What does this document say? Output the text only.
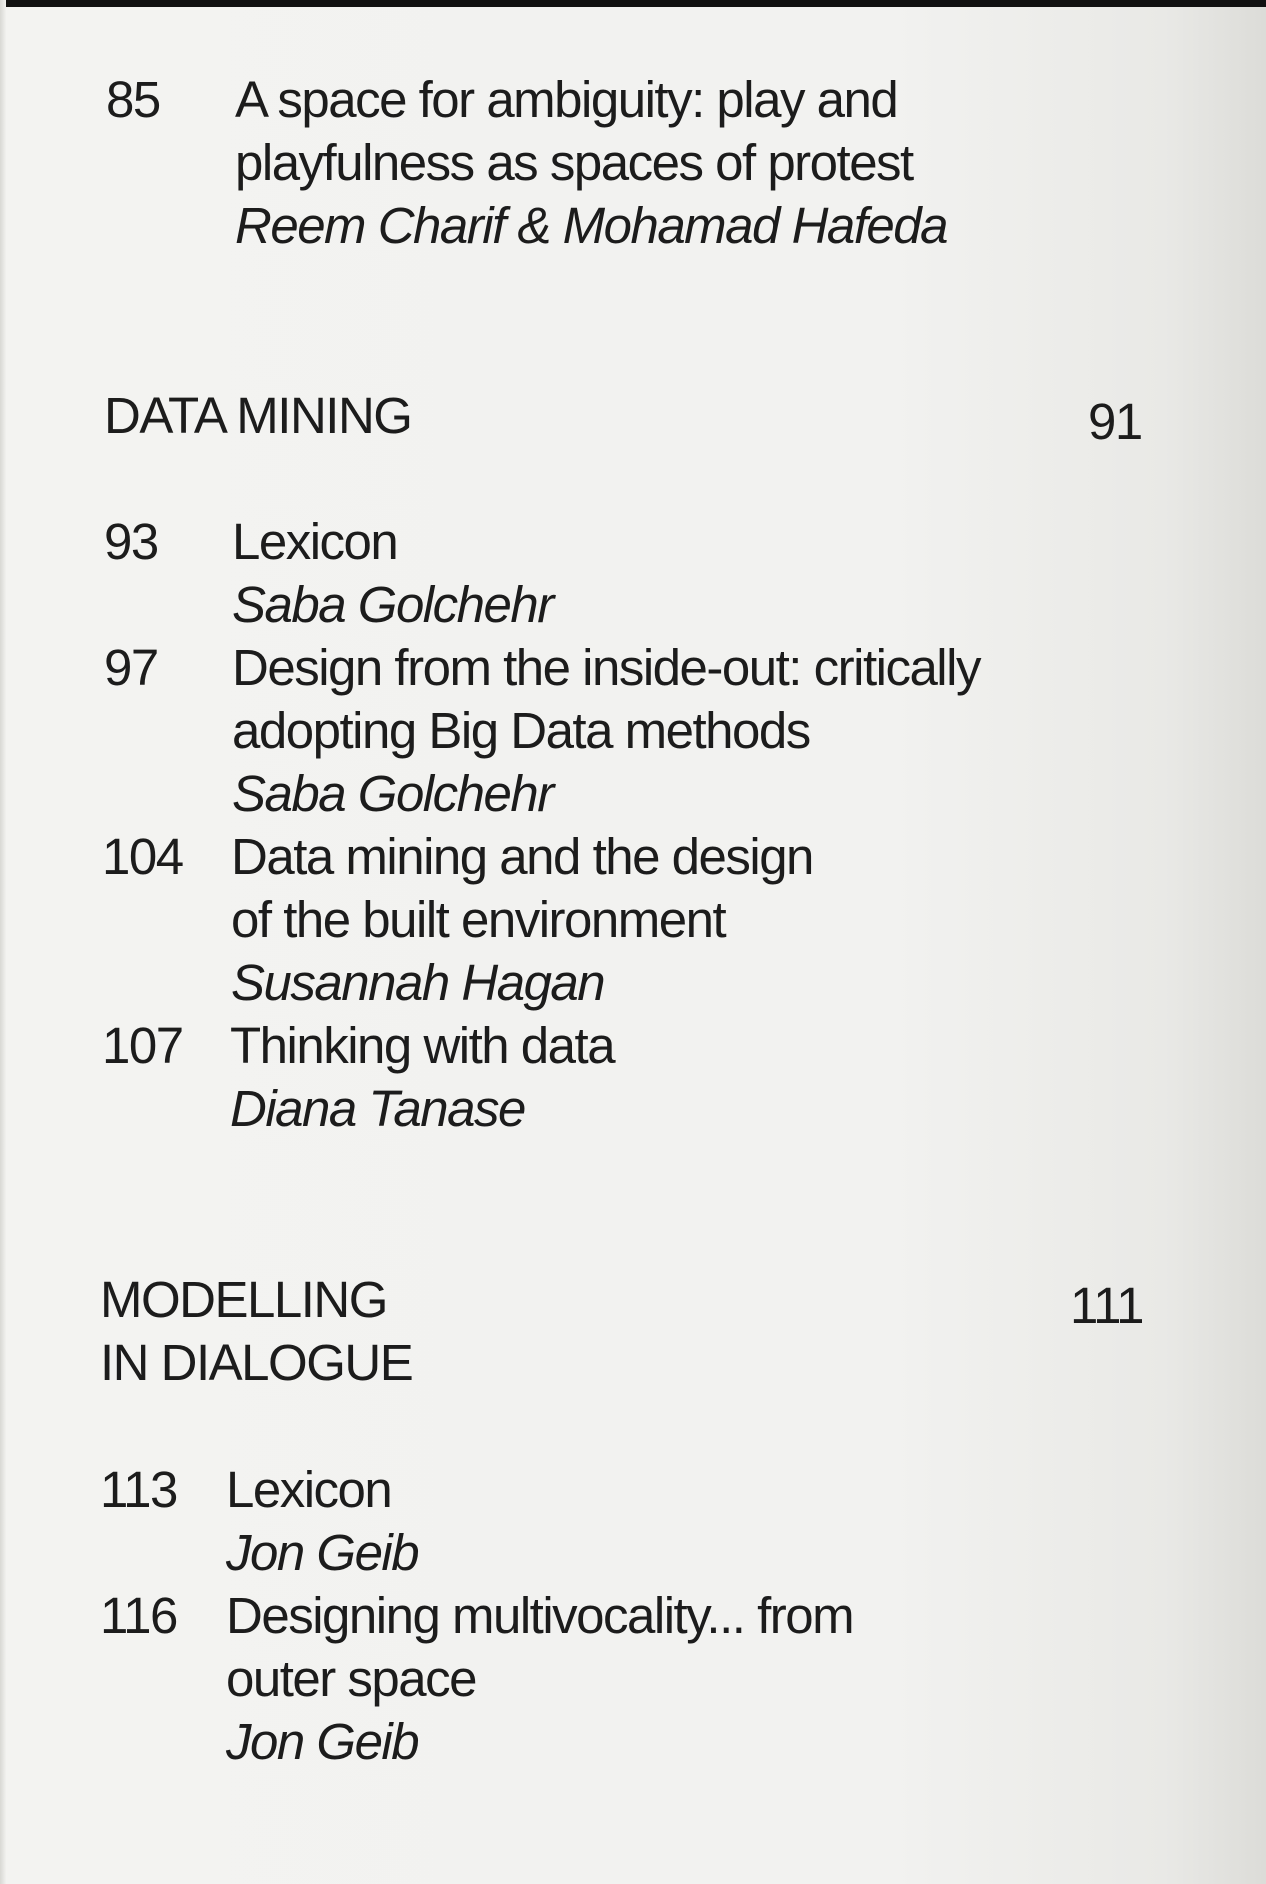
85 A space for ambiguity: play and
playfulness as spaces of protest
Reem Charif & Mohamad Hafeda
DATA MINING	91
93 Lexicon
Saba Golchehr
97 Design from the inside-out: critically
adopting Big Data methods
Saba Golchehr
104 Data mining and the design
of the built environment
Susannah Hagan
107 Thinking with data
Diana Tanase
MODELLING
IN DIALOGUE
111
113 Lexicon
Jon Geib
116 Designing multivocality... from
outer space
Jon Geib
